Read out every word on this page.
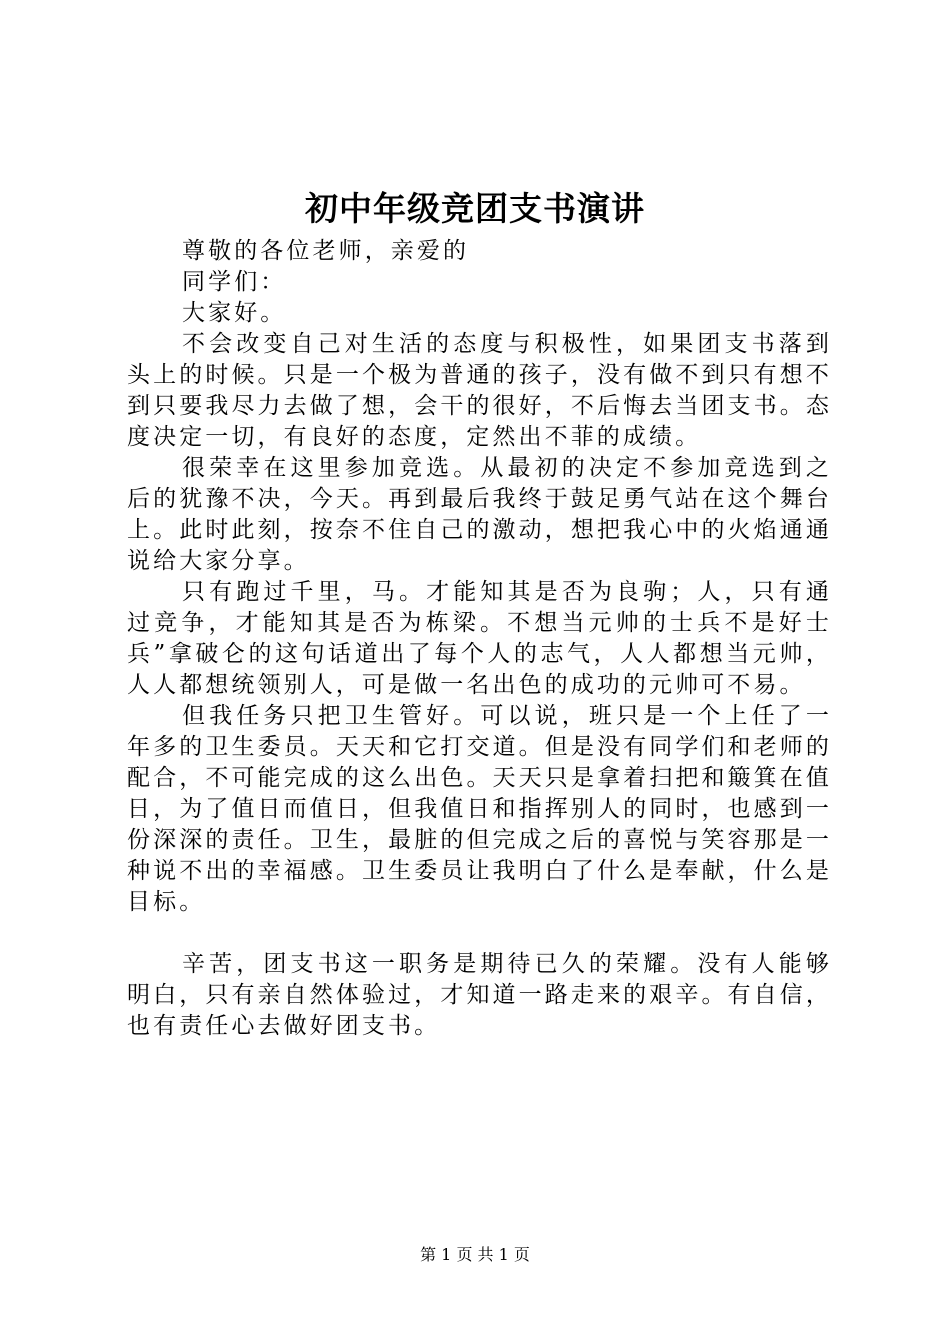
初中年级竞团支书演讲

尊敬的各位老师，亲爱的

同学们：

大家好。

不会改变自己对生活的态度与积极性，如果团支书落到头上的时候。只是一个极为普通的孩子，没有做不到只有想不到只要我尽力去做了想，会干的很好，不后悔去当团支书。态度决定一切，有良好的态度，定然出不菲的成绩。

很荣幸在这里参加竞选。从最初的决定不参加竞选到之后的犹豫不决，今天。再到最后我终于鼓足勇气站在这个舞台上。此时此刻，按奈不住自己的激动，想把我心中的火焰通通说给大家分享。

只有跑过千里，马。才能知其是否为良驹；人，只有通过竞争，才能知其是否为栋梁。不想当元帅的士兵不是好士兵”拿破仑的这句话道出了每个人的志气，人人都想当元帅，人人都想统领别人，可是做一名出色的成功的元帅可不易。

但我任务只把卫生管好。可以说，班只是一个上任了一年多的卫生委员。天天和它打交道。但是没有同学们和老师的配合，不可能完成的这么出色。天天只是拿着扫把和簸箕在值日，为了值日而值日，但我值日和指挥别人的同时，也感到一份深深的责任。卫生，最脏的但完成之后的喜悦与笑容那是一种说不出的幸福感。卫生委员让我明白了什么是奉献，什么是目标。

辛苦，团支书这一职务是期待已久的荣耀。没有人能够明白，只有亲自然体验过，才知道一路走来的艰辛。有自信，也有责任心去做好团支书。

第 1 页 共 1 页
